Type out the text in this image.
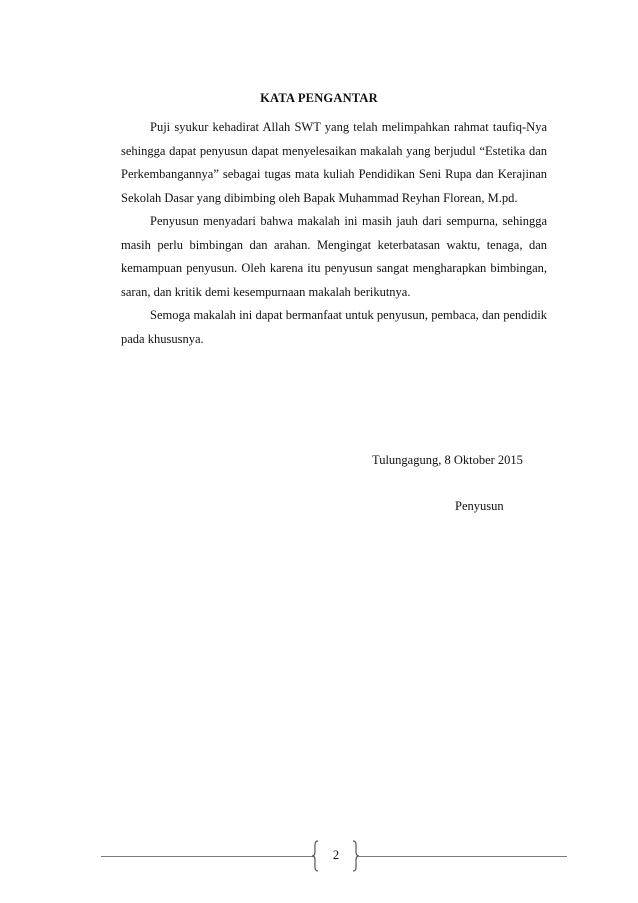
KATA PENGANTAR

Puji syukur kehadirat Allah SWT yang telah melimpahkan rahmat taufiq-Nya sehingga dapat penyusun dapat menyelesaikan makalah yang berjudul “Estetika dan Perkembangannya” sebagai tugas mata kuliah Pendidikan Seni Rupa dan Kerajinan Sekolah Dasar yang dibimbing oleh Bapak Muhammad Reyhan Florean, M.pd.

Penyusun menyadari bahwa makalah ini masih jauh dari sempurna, sehingga masih perlu bimbingan dan arahan. Mengingat keterbatasan waktu, tenaga, dan kemampuan penyusun. Oleh karena itu penyusun sangat mengharapkan bimbingan, saran, dan kritik demi kesempurnaan makalah berikutnya.

Semoga makalah ini dapat bermanfaat untuk penyusun, pembaca, dan pendidik pada khususnya.

Tulungagung, 8 Oktober 2015
Penyusun
2
